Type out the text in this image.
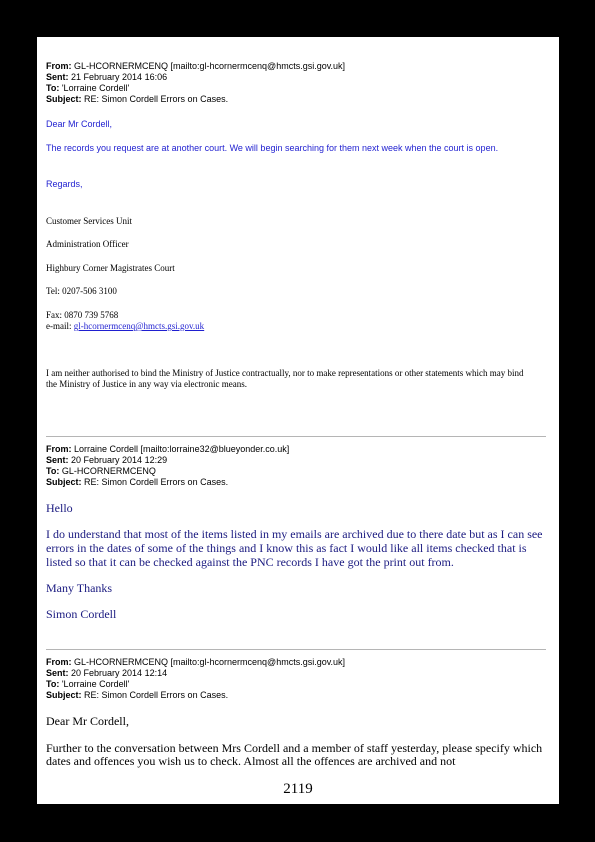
From: GL-HCORNERMCENQ [mailto:gl-hcornermcenq@hmcts.gsi.gov.uk]
Sent: 21 February 2014 16:06
To: 'Lorraine Cordell'
Subject: RE: Simon Cordell Errors on Cases.
Dear Mr Cordell,
The records you request are at another court. We will begin searching for them next week when the court is open.
Regards,
Customer Services Unit
Administration Officer
Highbury Corner Magistrates Court
Tel: 0207-506 3100
Fax: 0870 739 5768
e-mail: gl-hcornermcenq@hmcts.gsi.gov.uk
I am neither authorised to bind the Ministry of Justice contractually, nor to make representations or other statements which may bind the Ministry of Justice in any way via electronic means.
From: Lorraine Cordell [mailto:lorraine32@blueyonder.co.uk]
Sent: 20 February 2014 12:29
To: GL-HCORNERMCENQ
Subject: RE: Simon Cordell Errors on Cases.
Hello
I do understand that most of the items listed in my emails are archived due to there date but as I can see errors in the dates of some of the things and I know this as fact I would like all items checked that is listed so that it can be checked against the PNC records I have got the print out from.
Many Thanks
Simon Cordell
From: GL-HCORNERMCENQ [mailto:gl-hcornermcenq@hmcts.gsi.gov.uk]
Sent: 20 February 2014 12:14
To: 'Lorraine Cordell'
Subject: RE: Simon Cordell Errors on Cases.
Dear Mr Cordell,
Further to the conversation between Mrs Cordell and a member of staff yesterday, please specify which dates and offences you wish us to check. Almost all the offences are archived and not
2119
